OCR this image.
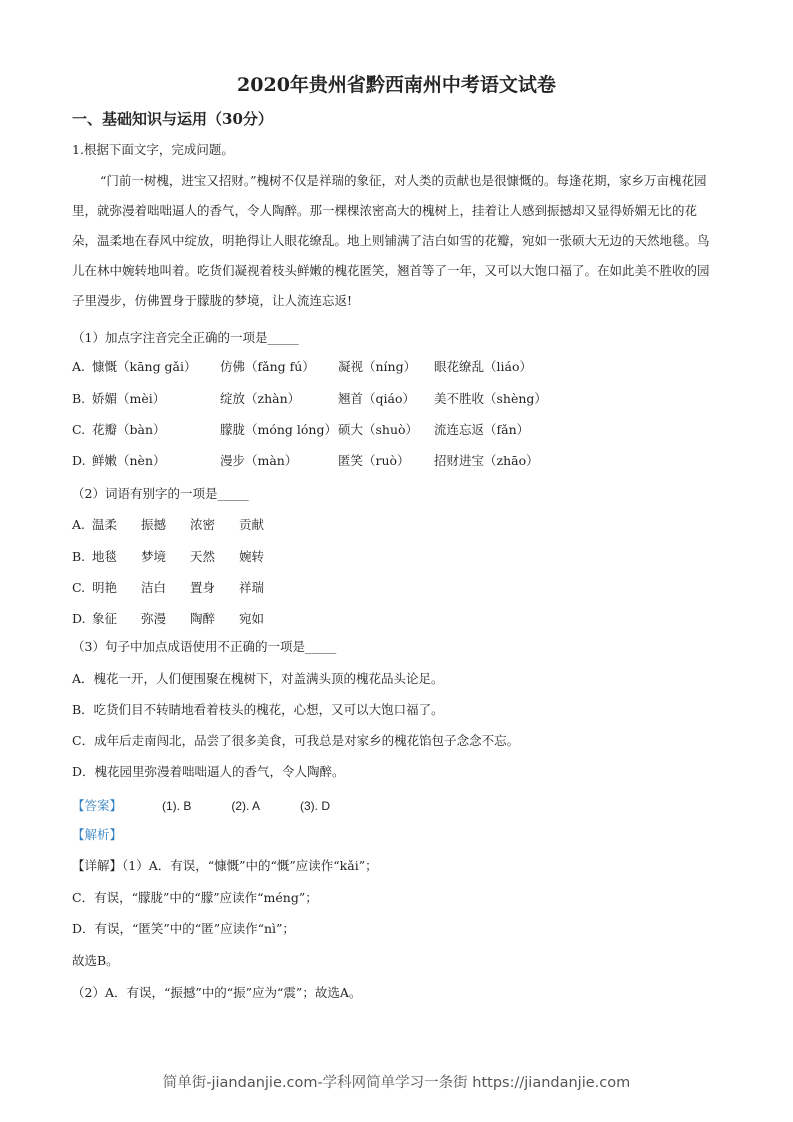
2020年贵州省黔西南州中考语文试卷
一、基础知识与运用（30分）
1.根据下面文字，完成问题。
“门前一树槐，进宝又招财。”槐树不仅是祥瑞的象征，对人类的贡献也是很慷慨的。每逢花期，家乡万亩槐花园里，就弥漫着咄咄逼人的香气，令人陶醉。那一棵棵浓密高大的槐树上，挂着让人感到振撼却又显得娇媚无比的花朵，温柔地在春风中绽放，明艳得让人眼花缭乱。地上则铺满了洁白如雪的花瓣，宛如一张硕大无边的天然地毯。鸟儿在林中婉转地叫着。吃货们凝视着枝头鲜嫩的槐花匿笑，翘首等了一年，又可以大饱口福了。在如此美不胜收的园子里漫步，仿佛置身于朦胧的梦境，让人流连忘返!
（1）加点字注音完全正确的一项是_____
A. 慷慨（kāng gǎi） 仿佛（fǎng fú） 凝视（níng） 眼花缭乱（liáo）
B. 娇媚（mèi）	绽放（zhàn）	翘首（qiáo） 美不胜收（shèng）
C. 花瓣（bàn）	朦胧（móng lóng）硕大（shuò） 流连忘返（fǎn）
D. 鲜嫩（nèn）	漫步（màn）	匿笑（ruò） 招财进宝（zhāo）
（2）词语有别字的一项是_____
A. 温柔 振撼 浓密 贡献
B. 地毯 梦境 天然 婉转
C. 明艳 洁白 置身 祥瑞
D. 象征 弥漫 陶醉 宛如
（3）句子中加点成语使用不正确的一项是_____
A．槐花一开，人们便围聚在槐树下，对盖满头顶的槐花品头论足。
B．吃货们目不转睛地看着枝头的槐花，心想，又可以大饱口福了。
C．成年后走南闯北，品尝了很多美食，可我总是对家乡的槐花馅包子念念不忘。
D．槐花园里弥漫着咄咄逼人的香气，令人陶醉。
【答案】	(1). B	(2). A	(3). D
【解析】
【详解】（1）A．有误，“慷慨”中的“慨”应读作“kǎi”；
C．有误，“朦胧”中的“朦”应读作“méng”；
D．有误，“匿笑”中的“匿”应读作“nì”；
故选B。
（2）A．有误，“振撼”中的“振”应为“震”；故选A。
简单街-jiandanjie.com-学科网简单学习一条街 https://jiandanjie.com
